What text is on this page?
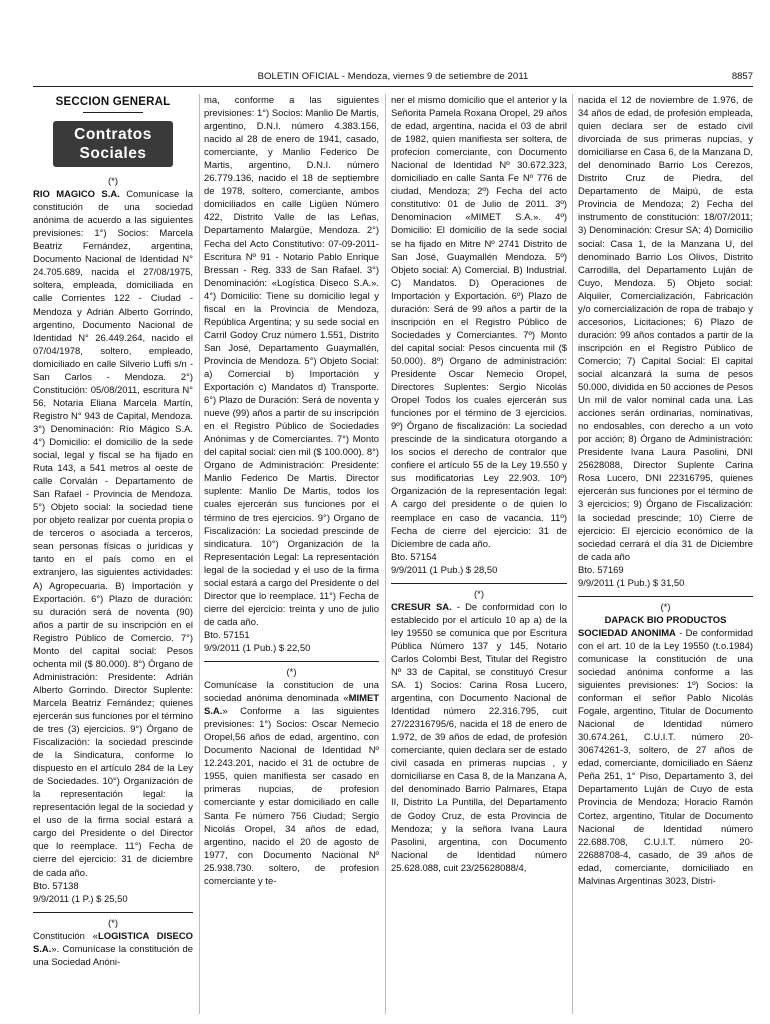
BOLETIN OFICIAL - Mendoza, viernes 9 de setiembre de 2011	8857
SECCION GENERAL
Contratos
Sociales

(*)

RIO MAGICO S.A. Comunícase la constitución de una sociedad anónima de acuerdo a las siguientes previsiones: 1°) Socios: Marcela Beatriz Fernández, argentina, Documento Nacional de Identidad N° 24.705.689, nacida el 27/08/1975, soltera, empleada, domiciliada en calle Corrientes 122 - Ciudad - Mendoza y Adrián Alberto Gorrindo, argentino, Documento Nacional de Identidad N° 26.449.264, nacido el 07/04/1978, soltero, empleado, domiciliado en calle Silverio Luffi s/n - San Carlos - Mendoza. 2°) Constitución: 05/08/2011, escritura N° 56, Notaria Eliana Marcela Martín, Registro N° 943 de Capital, Mendoza. 3°) Denominación: Río Mágico S.A. 4°) Domicilio: el domicilio de la sede social, legal y fiscal se ha fijado en Ruta 143, a 541 metros al oeste de calle Corvalán - Departamento de San Rafael - Provincia de Mendoza. 5°) Objeto social: la sociedad tiene por objeto realizar por cuenta propia o de terceros o asociada a terceros, sean personas físicas o jurídicas y tanto en el país como en el extranjero, las siguientes actividades: A) Agropecuaria. B) Importación y Exportación. 6°) Plazo de duración: su duración será de noventa (90) años a partir de su inscripción en el Registro Público de Comercio. 7°) Monto del capital social: Pesos ochenta mil ($ 80.000). 8°) Órgano de Administración: Presidente: Adrián Alberto Gorrindo. Director Suplente: Marcela Beatriz Fernández; quienes ejercerán sus funciones por el término de tres (3) ejercicios. 9°) Órgano de Fiscalización: la sociedad prescinde de la Sindicatura, conforme lo dispuesto en el artículo 284 de la Ley de Sociedades. 10°) Organización de la representación legal: la representación legal de la sociedad y el uso de la firma social estará a cargo del Presidente o del Director que lo reemplace. 11°) Fecha de cierre del ejercicio: 31 de diciembre de cada año.

Bto. 57138

9/9/2011 (1 P.) $ 25,50

(*)

Constitución «LOGISTICA DISECO S.A.». Comunícase la constitución de una Sociedad Anóni-

ma, conforme a las siguientes previsiones: 1°) Socios: Manlio De Martis, argentino, D.N.I. número 4.383.156, nacido al 28 de enero de 1941, casado, comerciante, y Manlio Federico De Martis, argentino, D.N.I. número 26.779.136, nacido el 18 de septiembre de 1978, soltero, comerciante, ambos domiciliados en calle Ligüen Número 422, Distrito Valle de las Leñas, Departamento Malargüe, Mendoza. 2°) Fecha del Acto Constitutivo: 07-09-2011- Escritura Nº 91 - Notario Pablo Enrique Bressan - Reg. 333 de San Rafael. 3°) Denominación: «Logística Diseco S.A.». 4°) Domicilio: Tiene su domicilio legal y fiscal en la Provincia de Mendoza, República Argentina; y su sede social en Carril Godoy Cruz número 1.551, Distrito San José, Departamento Guaymallén, Provincia de Mendoza. 5°) Objeto Social: a) Comercial b) Importación y Exportación c) Mandatos d) Transporte. 6°) Plazo de Duración: Será de noventa y nueve (99) años a partir de su inscripción en el Registro Público de Sociedades Anónimas y de Comerciantes. 7°) Monto del capital social: cien mil ($ 100.000). 8°) Organo de Administración: Presidente: Manlio Federico De Martis. Director suplente: Manlio De Martis, todos los cuales ejercerán sus funciones por el término de tres ejercicios. 9°) Organo de Fiscalización: La sociedad prescinde de sindicatura. 10°) Organización de la Representación Legal: La representación legal de la sociedad y el uso de la firma social estará a cargo del Presidente o del Director que lo reemplace. 11°) Fecha de cierre del ejercicio: treinta y uno de julio de cada año.

Bto. 57151

9/9/2011 (1 Pub.) $ 22,50

(*)

Comunícase la constitucion de una sociedad anónima denominada «MIMET S.A.» Conforme a las siguientes previsiones: 1°) Socios: Oscar Nemecio Oropel,56 años de edad, argentino, con Documento Nacional de Identidad Nº 12.243.201, nacido el 31 de octubre de 1955, quien manifiesta ser casado en primeras nupcias, de profesion comerciante y estar domiciliado en calle Santa Fe número 756 Ciudad; Sergio Nicolás Oropel, 34 años de edad, argentino, nacido el 20 de agosto de 1977, con Documento Nacional Nº 25.938.730. soltero, de profesion comerciante y te-

ner el mismo domicilio que el anterior y la Señorita Pamela Roxana Oropel, 29 años de edad, argentina, nacida el 03 de abril de 1982, quien manifiesta ser soltera, de profecion comerciante, con Documento Nacional de Identidad Nº 30.672.323, domiciliado en calle Santa Fe Nº 776 de ciudad, Mendoza; 2º) Fecha del acto constitutivo: 01 de Julio de 2011. 3º) Denominacion «MIMET S.A.». 4º) Domicilio: El domicilio de la sede social se ha fijado en Mitre Nº 2741 Distrito de San José, Guaymallén Mendoza. 5º) Objeto social: A) Comercial. B) Industrial. C) Mandatos. D) Operaciones de Importación y Exportación. 6º) Plazo de duración: Será de 99 años a partir de la inscripción en el Registro Público de Sociedades y Comerciantes. 7º) Monto del capital social: Pesos cincuenta mil ($ 50.000). 8º) Organo de administración: Presidente Oscar Nemecio Oropel, Directores Suplentes: Sergio Nicolás Oropel Todos los cuales ejercerán sus funciones por el término de 3 ejercicios. 9º) Órgano de fiscalización: La sociedad prescinde de la sindicatura otorgando a los socios el derecho de contralor que confiere el artículo 55 de la Ley 19.550 y sus modificatorias Ley 22.903. 10º) Organización de la representación legal: A cargo del presidente o de quien lo reemplace en caso de vacancia. 11º) Fecha de cierre del ejercicio: 31 de Diciembre de cada año.

Bto. 57154

9/9/2011 (1 Pub.) $ 28,50

(*)

CRESUR SA. - De conformidad con lo establecido por el artículo 10 ap a) de la ley 19550 se comunica que por Escritura Pública Número 137 y 145, Notario Carlos Colombi Best, Titular del Registro Nº 33 de Capital, se constituyó Cresur SA. 1) Socios: Carina Rosa Lucero, argentina, con Documento Nacional de Identidad número 22.316.795, cuit 27/22316795/6, nacida el 18 de enero de 1.972, de 39 años de edad, de profesión comerciante, quien declara ser de estado civil casada en primeras nupcias , y domiciliarse en Casa 8, de la Manzana A, del denominado Barrio Palmares, Etapa II, Distrito La Puntilla, del Departamento de Godoy Cruz, de esta Provincia de Mendoza; y la señora Ivana Laura Pasolini, argentina, con Documento Nacional de Identidad número 25.628.088, cuit 23/25628088/4,

nacida el 12 de noviembre de 1.976, de 34 años de edad, de profesión empleada, quien declara ser de estado civil divorciada de sus primeras nupcias, y domiciliarse en Casa 6, de la Manzana D, del denominado Barrio Los Cerezos, Distrito Cruz de Piedra, del Departamento de Maipú, de esta Provincia de Mendoza; 2) Fecha del instrumento de constitución: 18/07/2011; 3) Denominación: Cresur SA; 4) Domicilio social: Casa 1, de la Manzana U, del denominado Barrio Los Olivos, Distrito Carrodilla, del Departamento Luján de Cuyo, Mendoza. 5) Objeto social: Alquiler, Comercialización, Fabricación y/o comercialización de ropa de trabajo y accesorios, Licitaciones; 6) Plazo de duración: 99 años contados a partir de la inscripción en el Registro Público de Comercio; 7) Capital Social: El capital social alcanzará la suma de pesos 50.000, dividida en 50 acciones de Pesos Un mil de valor nominal cada una. Las acciones serán ordinarias, nominativas, no endosables, con derecho a un voto por acción; 8) Órgano de Administración: Presidente Ivana Laura Pasolini, DNI 25628088, Director Suplente Carina Rosa Lucero, DNI 22316795, quienes ejercerán sus funciones por el término de 3 ejercicios; 9) Órgano de Fiscalización: la sociedad prescinde; 10) Cierre de ejercicio: El ejercicio económico de la sociedad cerrará el día 31 de Diciembre de cada año

Bto. 57169

9/9/2011 (1 Pub.) $ 31,50

(*)

DAPACK BIO PRODUCTOS

SOCIEDAD ANONIMA - De conformidad con el art. 10 de la Ley 19550 (t.o.1984) comunicase la constitución de una sociedad anónima conforme a las siguientes previsiones: 1º) Socios: la conforman el señor Pablo Nicolás Fogale, argentino, Titular de Documento Nacional de Identidad número 30.674.261, C.U.I.T. número 20-30674261-3, soltero, de 27 años de edad, comerciante, domiciliado en Sáenz Peña 251, 1° Piso, Departamento 3, del Departamento Luján de Cuyo de esta Provincia de Mendoza; Horacio Ramón Cortez, argentino, Titular de Documento Nacional de Identidad número 22.688.708, C.U.I.T. número 20-22688708-4, casado, de 39 años de edad, comerciante, domiciliado en Malvinas Argentinas 3023, Distri-
